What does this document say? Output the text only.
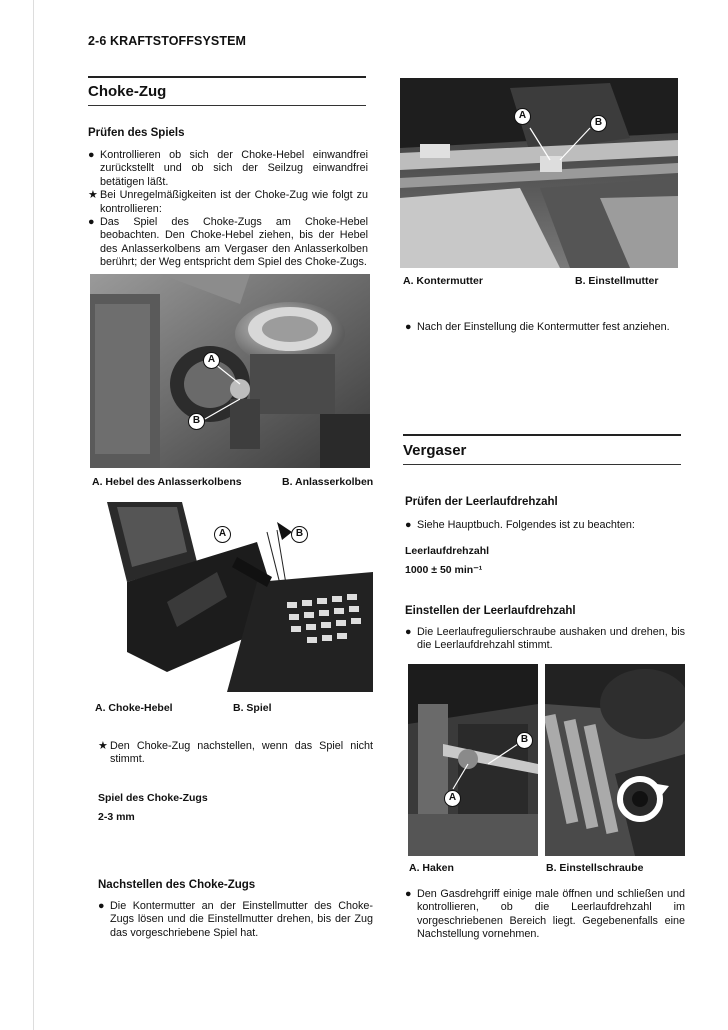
2-6 KRAFTSTOFFSYSTEM
Choke-Zug
Prüfen des Spiels
● Kontrollieren ob sich der Choke-Hebel einwandfrei zurückstellt und ob sich der Seilzug einwandfrei betätigen läßt.
★ Bei Unregelmäßigkeiten ist der Choke-Zug wie folgt zu kontrollieren:
● Das Spiel des Choke-Zugs am Choke-Hebel beobachten. Den Choke-Hebel ziehen, bis der Hebel des Anlasserkolbens am Vergaser den Anlasserkolben berührt; der Weg entspricht dem Spiel des Choke-Zugs.
A
B
A. Hebel des Anlasserkolbens	B. Anlasserkolben
A	B
A. Choke-Hebel	B. Spiel
★ Den Choke-Zug nachstellen, wenn das Spiel nicht stimmt.
Spiel des Choke-Zugs
2-3 mm
Nachstellen des Choke-Zugs
● Die Kontermutter an der Einstellmutter des Choke-Zugs lösen und die Einstellmutter drehen, bis der Zug das vorgeschriebene Spiel hat.
A
B
A. Kontermutter	B. Einstellmutter
● Nach der Einstellung die Kontermutter fest anziehen.
Vergaser
Prüfen der Leerlaufdrehzahl
● Siehe Hauptbuch. Folgendes ist zu beachten:
Leerlaufdrehzahl
1000 ± 50 min⁻¹
Einstellen der Leerlaufdrehzahl
● Die Leerlaufregulierschraube aushaken und drehen, bis die Leerlaufdrehzahl stimmt.
A
B
A. Haken	B. Einstellschraube
● Den Gasdrehgriff einige male öffnen und schließen und kontrollieren, ob die Leerlaufdrehzahl im vorgeschriebenen Bereich liegt. Gegebenenfalls eine Nachstellung vornehmen.
